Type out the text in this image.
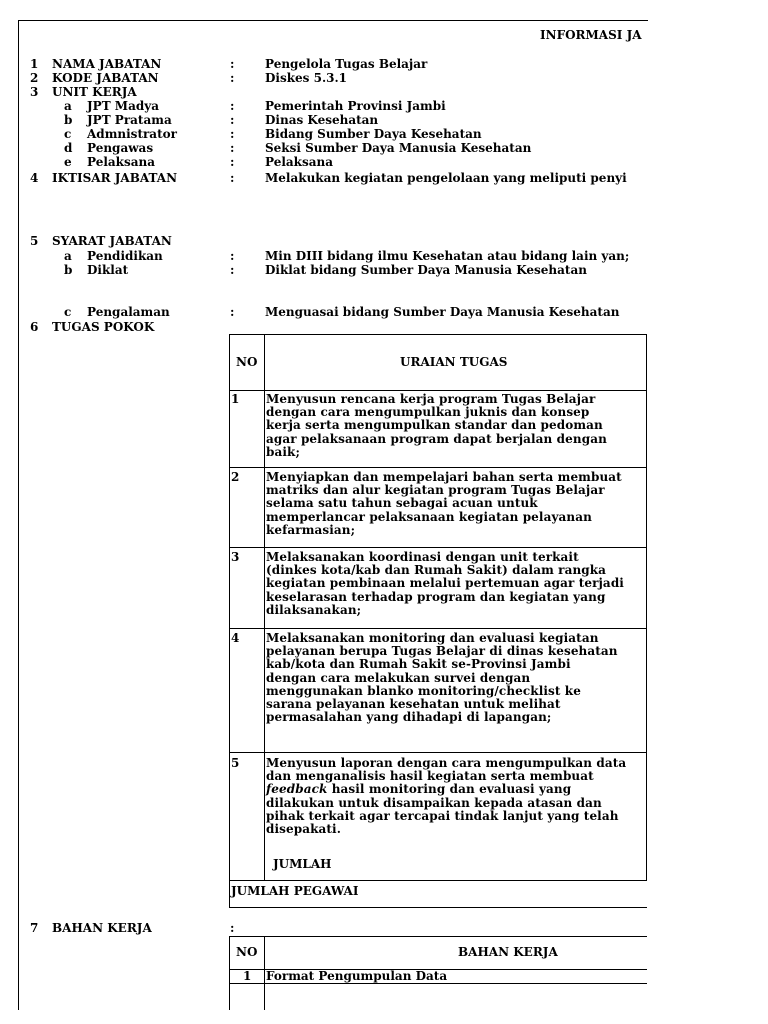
INFORMASI JA
1 NAMA JABATAN	:	Pengelola Tugas Belajar
2 KODE JABATAN	:	Diskes 5.3.1
3 UNIT KERJA
a JPT Madya	:	Pemerintah Provinsi Jambi
b JPT Pratama	:	Dinas Kesehatan
c Admnistrator	:	Bidang Sumber Daya Kesehatan
d Pengawas	:	Seksi Sumber Daya Manusia Kesehatan
e Pelaksana	:	Pelaksana
4 IKTISAR JABATAN	:	Melakukan kegiatan pengelolaan yang meliputi penyi
5 SYARAT JABATAN
a Pendidikan	:	Min DIII bidang ilmu Kesehatan atau bidang lain yan;
b Diklat	:	Diklat bidang Sumber Daya Manusia Kesehatan
c Pengalaman	:	Menguasai bidang Sumber Daya Manusia Kesehatan
6 TUGAS POKOK
NO	URAIAN TUGAS
1 Menyusun rencana kerja program Tugas Belajar
dengan cara mengumpulkan juknis dan konsep
kerja serta mengumpulkan standar dan pedoman
agar pelaksanaan program dapat berjalan dengan
baik;
2 Menyiapkan dan mempelajari bahan serta membuat
matriks dan alur kegiatan program Tugas Belajar
selama satu tahun sebagai acuan untuk
memperlancar pelaksanaan kegiatan pelayanan
kefarmasian;
3 Melaksanakan koordinasi dengan unit terkait
(dinkes kota/kab dan Rumah Sakit) dalam rangka
kegiatan pembinaan melalui pertemuan agar terjadi
keselarasan terhadap program dan kegiatan yang
dilaksanakan;
4 Melaksanakan monitoring dan evaluasi kegiatan
pelayanan berupa Tugas Belajar di dinas kesehatan
kab/kota dan Rumah Sakit se-Provinsi Jambi
dengan cara melakukan survei dengan
menggunakan blanko monitoring/checklist ke
sarana pelayanan kesehatan untuk melihat
permasalahan yang dihadapi di lapangan;
5 Menyusun laporan dengan cara mengumpulkan data
dan menganalisis hasil kegiatan serta membuat
feedback hasil monitoring dan evaluasi yang
dilakukan untuk disampaikan kepada atasan dan
pihak terkait agar tercapai tindak lanjut yang telah
disepakati.
JUMLAH
JUMLAH PEGAWAI
7 BAHAN KERJA	:
NO	BAHAN KERJA
1 Format Pengumpulan Data
